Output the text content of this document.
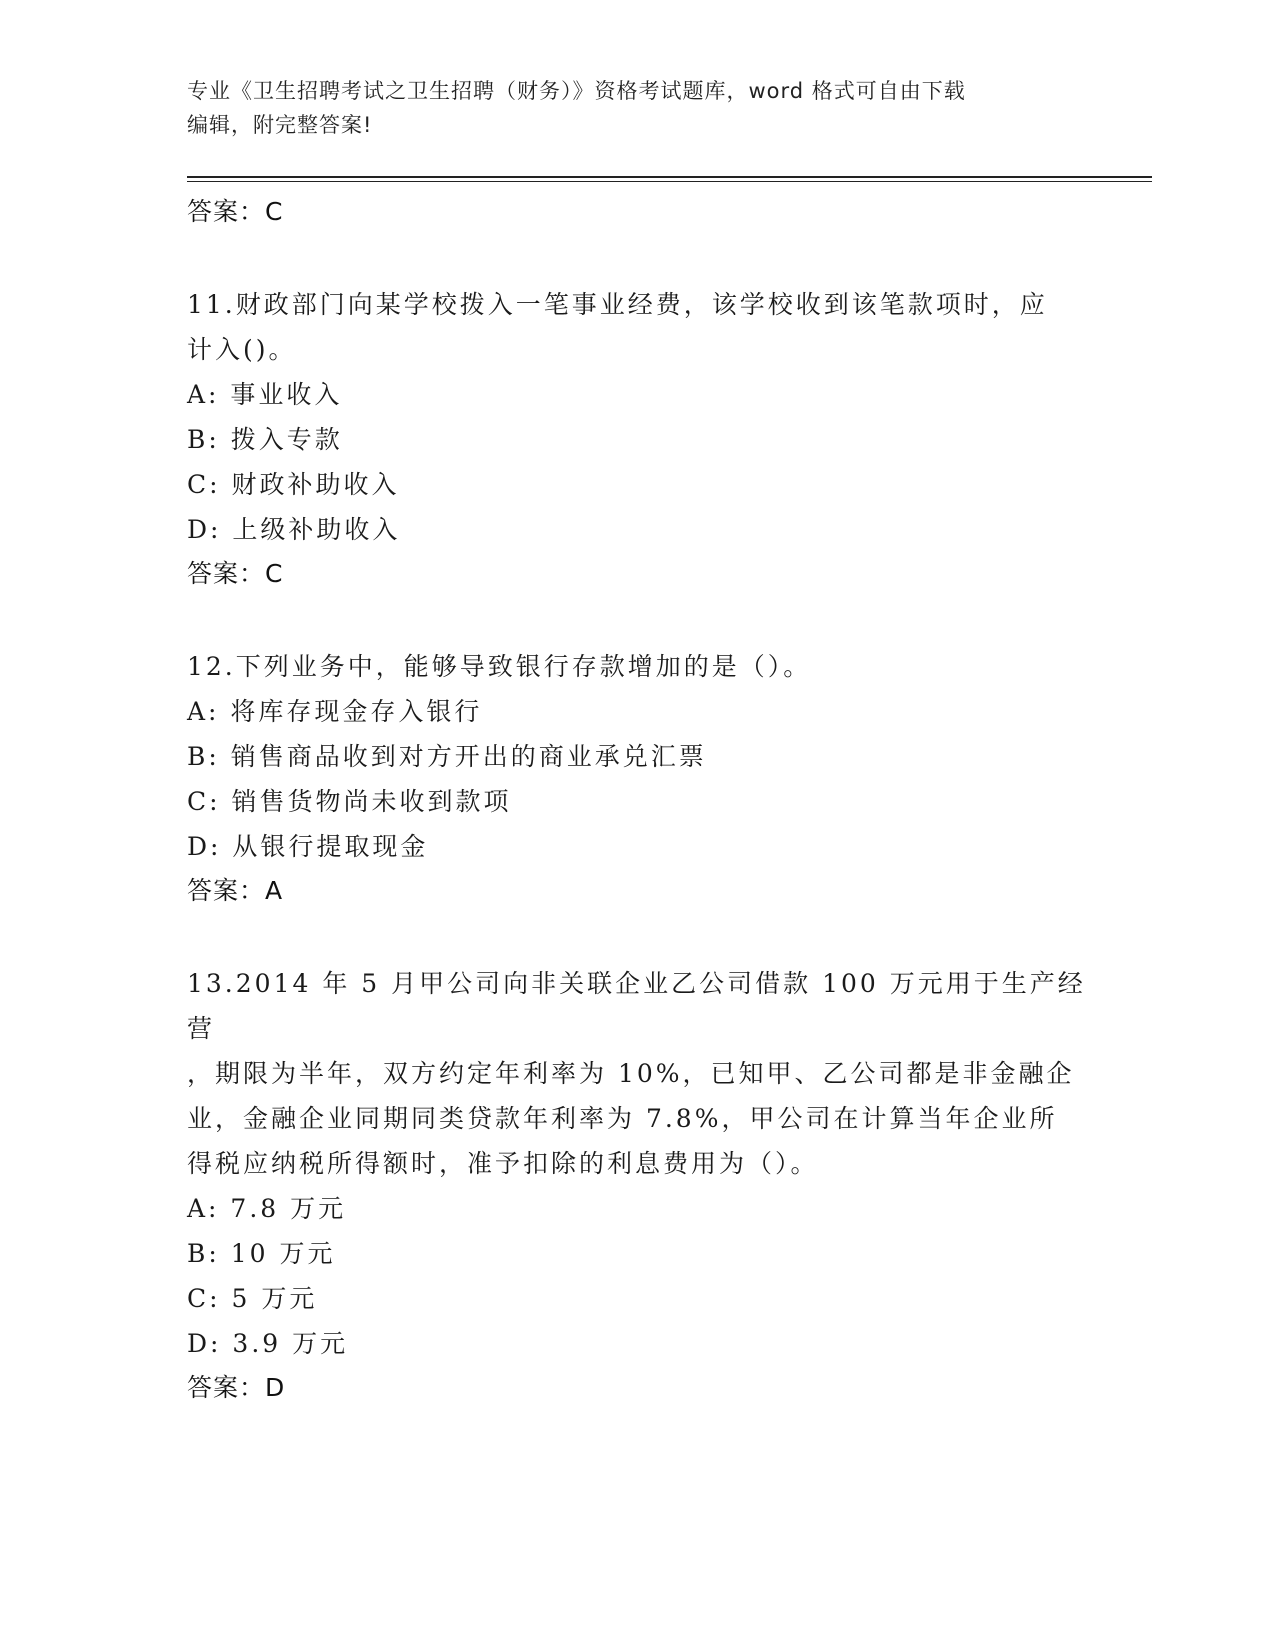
专业《卫生招聘考试之卫生招聘（财务）》资格考试题库，word 格式可自由下载
编辑，附完整答案!

答案：C

11.财政部门向某学校拨入一笔事业经费，该学校收到该笔款项时，应

计入()。

A: 事业收入

B: 拨入专款

C: 财政补助收入

D: 上级补助收入

答案：C

12.下列业务中，能够导致银行存款增加的是（）。

A: 将库存现金存入银行

B: 销售商品收到对方开出的商业承兑汇票

C: 销售货物尚未收到款项

D: 从银行提取现金

答案：A

13.2014 年 5 月甲公司向非关联企业乙公司借款 100 万元用于生产经营

，期限为半年，双方约定年利率为 10%，已知甲、乙公司都是非金融企

业，金融企业同期同类贷款年利率为 7.8%，甲公司在计算当年企业所

得税应纳税所得额时，准予扣除的利息费用为（）。

A: 7.8 万元

B: 10 万元

C: 5 万元

D: 3.9 万元

答案：D
